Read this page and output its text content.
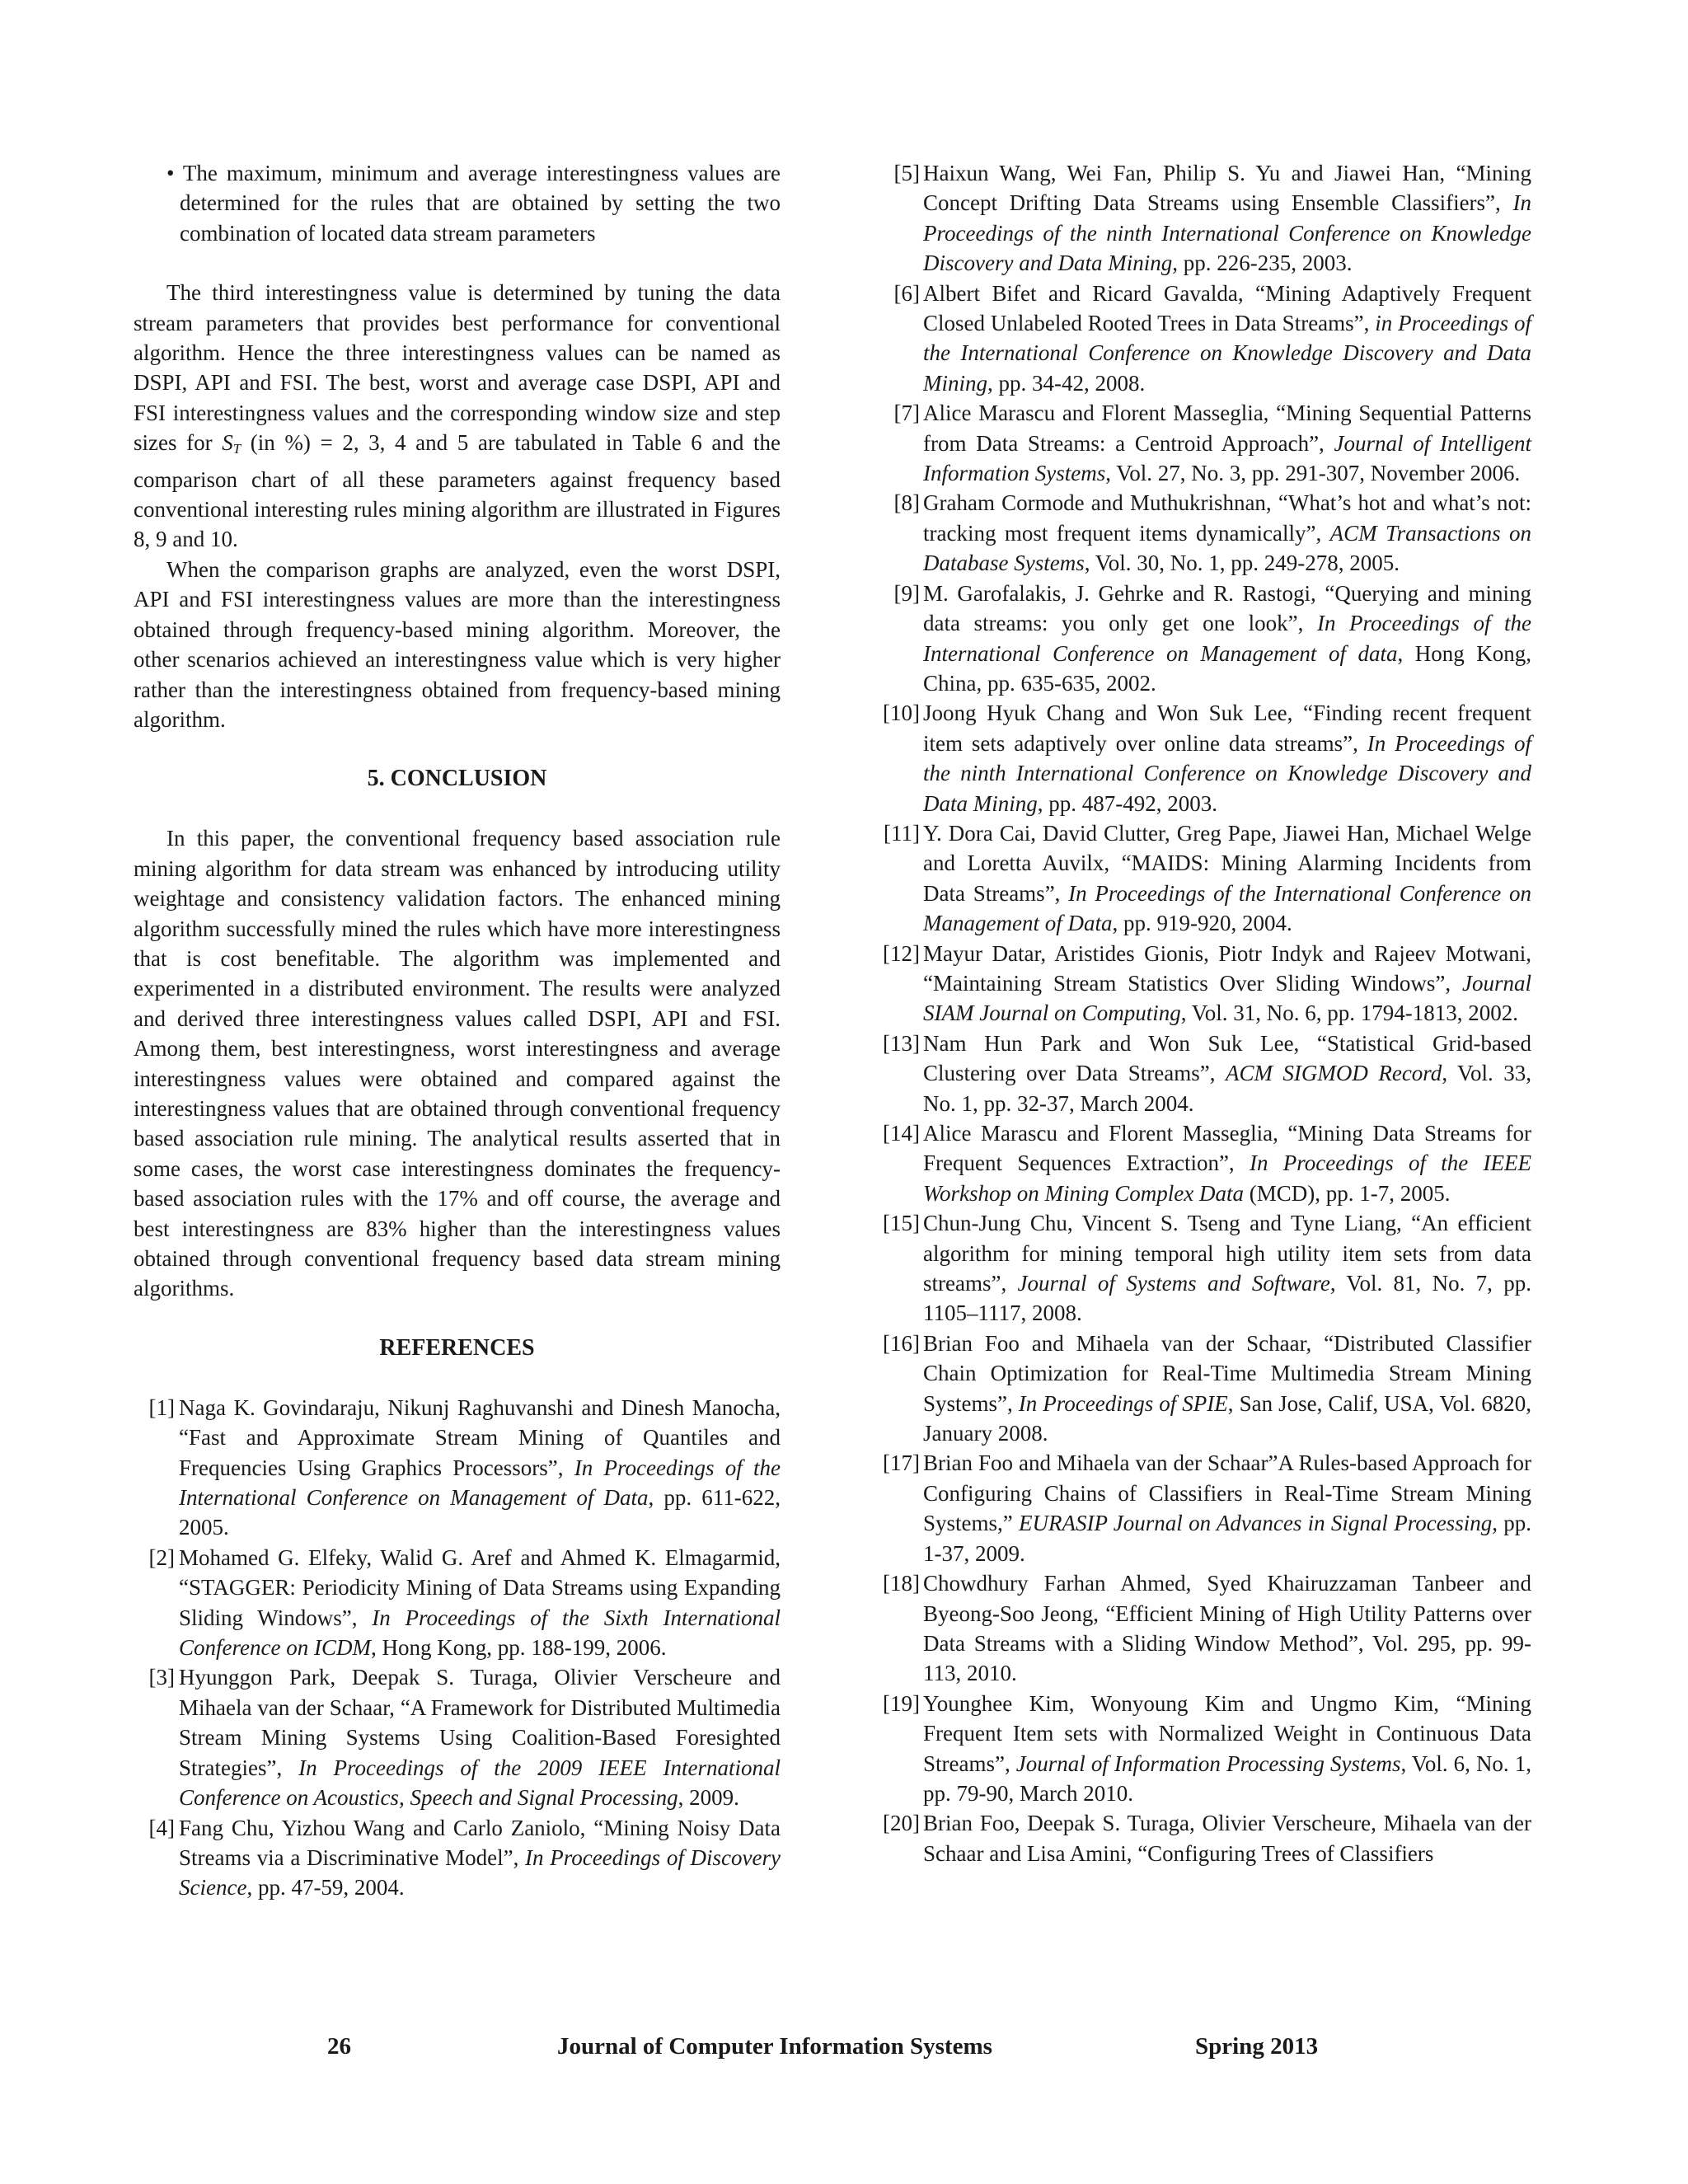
• The maximum, minimum and average interestingness values are determined for the rules that are obtained by setting the two combination of located data stream parameters

The third interestingness value is determined by tuning the data stream parameters that provides best performance for conventional algorithm. Hence the three interestingness values can be named as DSPI, API and FSI. The best, worst and average case DSPI, API and FSI interestingness values and the corresponding window size and step sizes for $S_T$ (in %) = 2, 3, 4 and 5 are tabulated in Table 6 and the comparison chart of all these parameters against frequency based conventional interesting rules mining algorithm are illustrated in Figures 8, 9 and 10.

When the comparison graphs are analyzed, even the worst DSPI, API and FSI interestingness values are more than the interestingness obtained through frequency-based mining algorithm. Moreover, the other scenarios achieved an interestingness value which is very higher rather than the interestingness obtained from frequency-based mining algorithm.

5. CONCLUSION

In this paper, the conventional frequency based association rule mining algorithm for data stream was enhanced by introducing utility weightage and consistency validation factors. The enhanced mining algorithm successfully mined the rules which have more interestingness that is cost benefitable. The algorithm was implemented and experimented in a distributed environment. The results were analyzed and derived three interestingness values called DSPI, API and FSI. Among them, best interestingness, worst interestingness and average interestingness values were obtained and compared against the interestingness values that are obtained through conventional frequency based association rule mining. The analytical results asserted that in some cases, the worst case interestingness dominates the frequency-based association rules with the 17% and off course, the average and best interestingness are 83% higher than the interestingness values obtained through conventional frequency based data stream mining algorithms.

REFERENCES
[1] Naga K. Govindaraju, Nikunj Raghuvanshi and Dinesh Manocha, “Fast and Approximate Stream Mining of Quantiles and Frequencies Using Graphics Processors”, In Proceedings of the International Conference on Management of Data, pp. 611-622, 2005.
[2] Mohamed G. Elfeky, Walid G. Aref and Ahmed K. Elmagarmid, “STAGGER: Periodicity Mining of Data Streams using Expanding Sliding Windows”, In Proceedings of the Sixth International Conference on ICDM, Hong Kong, pp. 188-199, 2006.
[3] Hyunggon Park, Deepak S. Turaga, Olivier Verscheure and Mihaela van der Schaar, “A Framework for Distributed Multimedia Stream Mining Systems Using Coalition-Based Foresighted Strategies”, In Proceedings of the 2009 IEEE International Conference on Acoustics, Speech and Signal Processing, 2009.
[4] Fang Chu, Yizhou Wang and Carlo Zaniolo, “Mining Noisy Data Streams via a Discriminative Model”, In Proceedings of Discovery Science, pp. 47-59, 2004.
[5] Haixun Wang, Wei Fan, Philip S. Yu and Jiawei Han, “Mining Concept Drifting Data Streams using Ensemble Classifiers”, In Proceedings of the ninth International Conference on Knowledge Discovery and Data Mining, pp. 226-235, 2003.
[6] Albert Bifet and Ricard Gavalda, “Mining Adaptively Frequent Closed Unlabeled Rooted Trees in Data Streams”, in Proceedings of the International Conference on Knowledge Discovery and Data Mining, pp. 34-42, 2008.
[7] Alice Marascu and Florent Masseglia, “Mining Sequential Patterns from Data Streams: a Centroid Approach”, Journal of Intelligent Information Systems, Vol. 27, No. 3, pp. 291-307, November 2006.
[8] Graham Cormode and Muthukrishnan, “What’s hot and what’s not: tracking most frequent items dynamically”, ACM Transactions on Database Systems, Vol. 30, No. 1, pp. 249-278, 2005.
[9] M. Garofalakis, J. Gehrke and R. Rastogi, “Querying and mining data streams: you only get one look”, In Proceedings of the International Conference on Management of data, Hong Kong, China, pp. 635-635, 2002.
[10] Joong Hyuk Chang and Won Suk Lee, “Finding recent frequent item sets adaptively over online data streams”, In Proceedings of the ninth International Conference on Knowledge Discovery and Data Mining, pp. 487-492, 2003.
[11] Y. Dora Cai, David Clutter, Greg Pape, Jiawei Han, Michael Welge and Loretta Auvilx, “MAIDS: Mining Alarming Incidents from Data Streams”, In Proceedings of the International Conference on Management of Data, pp. 919-920, 2004.
[12] Mayur Datar, Aristides Gionis, Piotr Indyk and Rajeev Motwani, “Maintaining Stream Statistics Over Sliding Windows”, Journal SIAM Journal on Computing, Vol. 31, No. 6, pp. 1794-1813, 2002.
[13] Nam Hun Park and Won Suk Lee, “Statistical Grid-based Clustering over Data Streams”, ACM SIGMOD Record, Vol. 33, No. 1, pp. 32-37, March 2004.
[14] Alice Marascu and Florent Masseglia, “Mining Data Streams for Frequent Sequences Extraction”, In Proceedings of the IEEE Workshop on Mining Complex Data (MCD), pp. 1-7, 2005.
[15] Chun-Jung Chu, Vincent S. Tseng and Tyne Liang, “An efficient algorithm for mining temporal high utility item sets from data streams”, Journal of Systems and Software, Vol. 81, No. 7, pp. 1105–1117, 2008.
[16] Brian Foo and Mihaela van der Schaar, “Distributed Classifier Chain Optimization for Real-Time Multimedia Stream Mining Systems”, In Proceedings of SPIE, San Jose, Calif, USA, Vol. 6820, January 2008.
[17] Brian Foo and Mihaela van der Schaar”A Rules-based Approach for Configuring Chains of Classifiers in Real-Time Stream Mining Systems,” EURASIP Journal on Advances in Signal Processing, pp. 1-37, 2009.
[18] Chowdhury Farhan Ahmed, Syed Khairuzzaman Tanbeer and Byeong-Soo Jeong, “Efficient Mining of High Utility Patterns over Data Streams with a Sliding Window Method”, Vol. 295, pp. 99-113, 2010.
[19] Younghee Kim, Wonyoung Kim and Ungmo Kim, “Mining Frequent Item sets with Normalized Weight in Continuous Data Streams”, Journal of Information Processing Systems, Vol. 6, No. 1, pp. 79-90, March 2010.
[20] Brian Foo, Deepak S. Turaga, Olivier Verscheure, Mihaela van der Schaar and Lisa Amini, “Configuring Trees of Classifiers
26	Journal of Computer Information Systems	Spring 2013
